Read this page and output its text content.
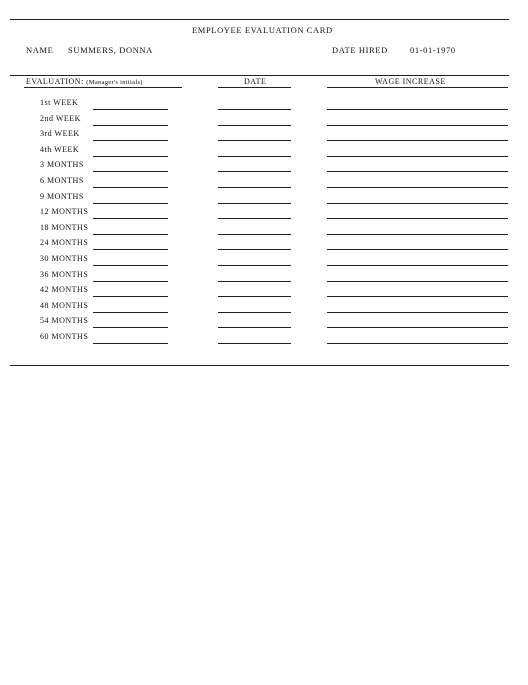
EMPLOYEE EVALUATION CARD
NAME SUMMERS, DONNA	DATE HIRED	01-01-1970
EVALUATION: (Manager's initials)	DATE	WAGE INCREASE
1st WEEK
2nd WEEK
3rd WEEK
4th WEEK
3 MONTHS
6 MONTHS
9 MONTHS
12 MONTHS
18 MONTHS
24 MONTHS
30 MONTHS
36 MONTHS
42 MONTHS
48 MONTHS
54 MONTHS
60 MONTHS
